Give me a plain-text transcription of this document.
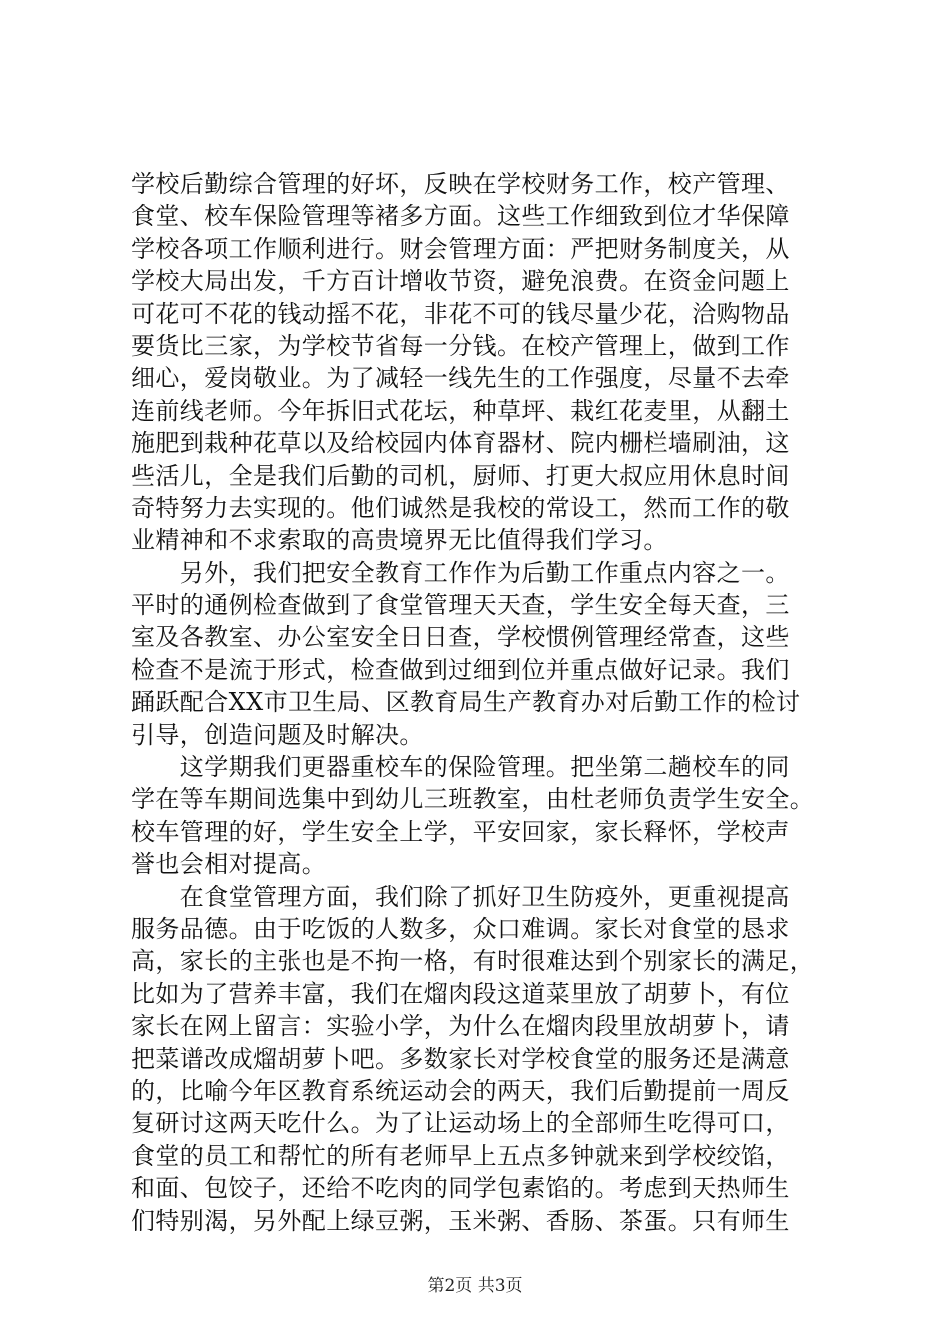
学校后勤综合管理的好坏，反映在学校财务工作，校产管理、
食堂、校车保险管理等褚多方面。这些工作细致到位才华保障
学校各项工作顺利进行。财会管理方面：严把财务制度关，从
学校大局出发，千方百计增收节资，避免浪费。在资金问题上
可花可不花的钱动摇不花，非花不可的钱尽量少花，洽购物品
要货比三家，为学校节省每一分钱。在校产管理上，做到工作
细心，爱岗敬业。为了减轻一线先生的工作强度，尽量不去牵
连前线老师。今年拆旧式花坛，种草坪、栽红花麦里，从翻土
施肥到栽种花草以及给校园内体育器材、院内栅栏墙刷油，这
些活儿，全是我们后勤的司机，厨师、打更大叔应用休息时间
奇特努力去实现的。他们诚然是我校的常设工，然而工作的敬
业精神和不求索取的高贵境界无比值得我们学习。
　　另外，我们把安全教育工作作为后勤工作重点内容之一。
平时的通例检查做到了食堂管理天天查，学生安全每天查，三
室及各教室、办公室安全日日查，学校惯例管理经常查，这些
检查不是流于形式，检查做到过细到位并重点做好记录。我们
踊跃配合XX市卫生局、区教育局生产教育办对后勤工作的检讨
引导，创造问题及时解决。
　　这学期我们更器重校车的保险管理。把坐第二趟校车的同
学在等车期间选集中到幼儿三班教室，由杜老师负责学生安全。
校车管理的好，学生安全上学，平安回家，家长释怀，学校声
誉也会相对提高。
　　在食堂管理方面，我们除了抓好卫生防疫外，更重视提高
服务品德。由于吃饭的人数多，众口难调。家长对食堂的恳求
高，家长的主张也是不拘一格，有时很难达到个别家长的满足，
比如为了营养丰富，我们在熘肉段这道菜里放了胡萝卜，有位
家长在网上留言：实验小学，为什么在熘肉段里放胡萝卜，请
把菜谱改成熘胡萝卜吧。多数家长对学校食堂的服务还是满意
的，比喻今年区教育系统运动会的两天，我们后勤提前一周反
复研讨这两天吃什么。为了让运动场上的全部师生吃得可口，
食堂的员工和帮忙的所有老师早上五点多钟就来到学校绞馅，
和面、包饺子，还给不吃肉的同学包素馅的。考虑到天热师生
们特别渴，另外配上绿豆粥，玉米粥、香肠、茶蛋。只有师生
第2页 共3页
